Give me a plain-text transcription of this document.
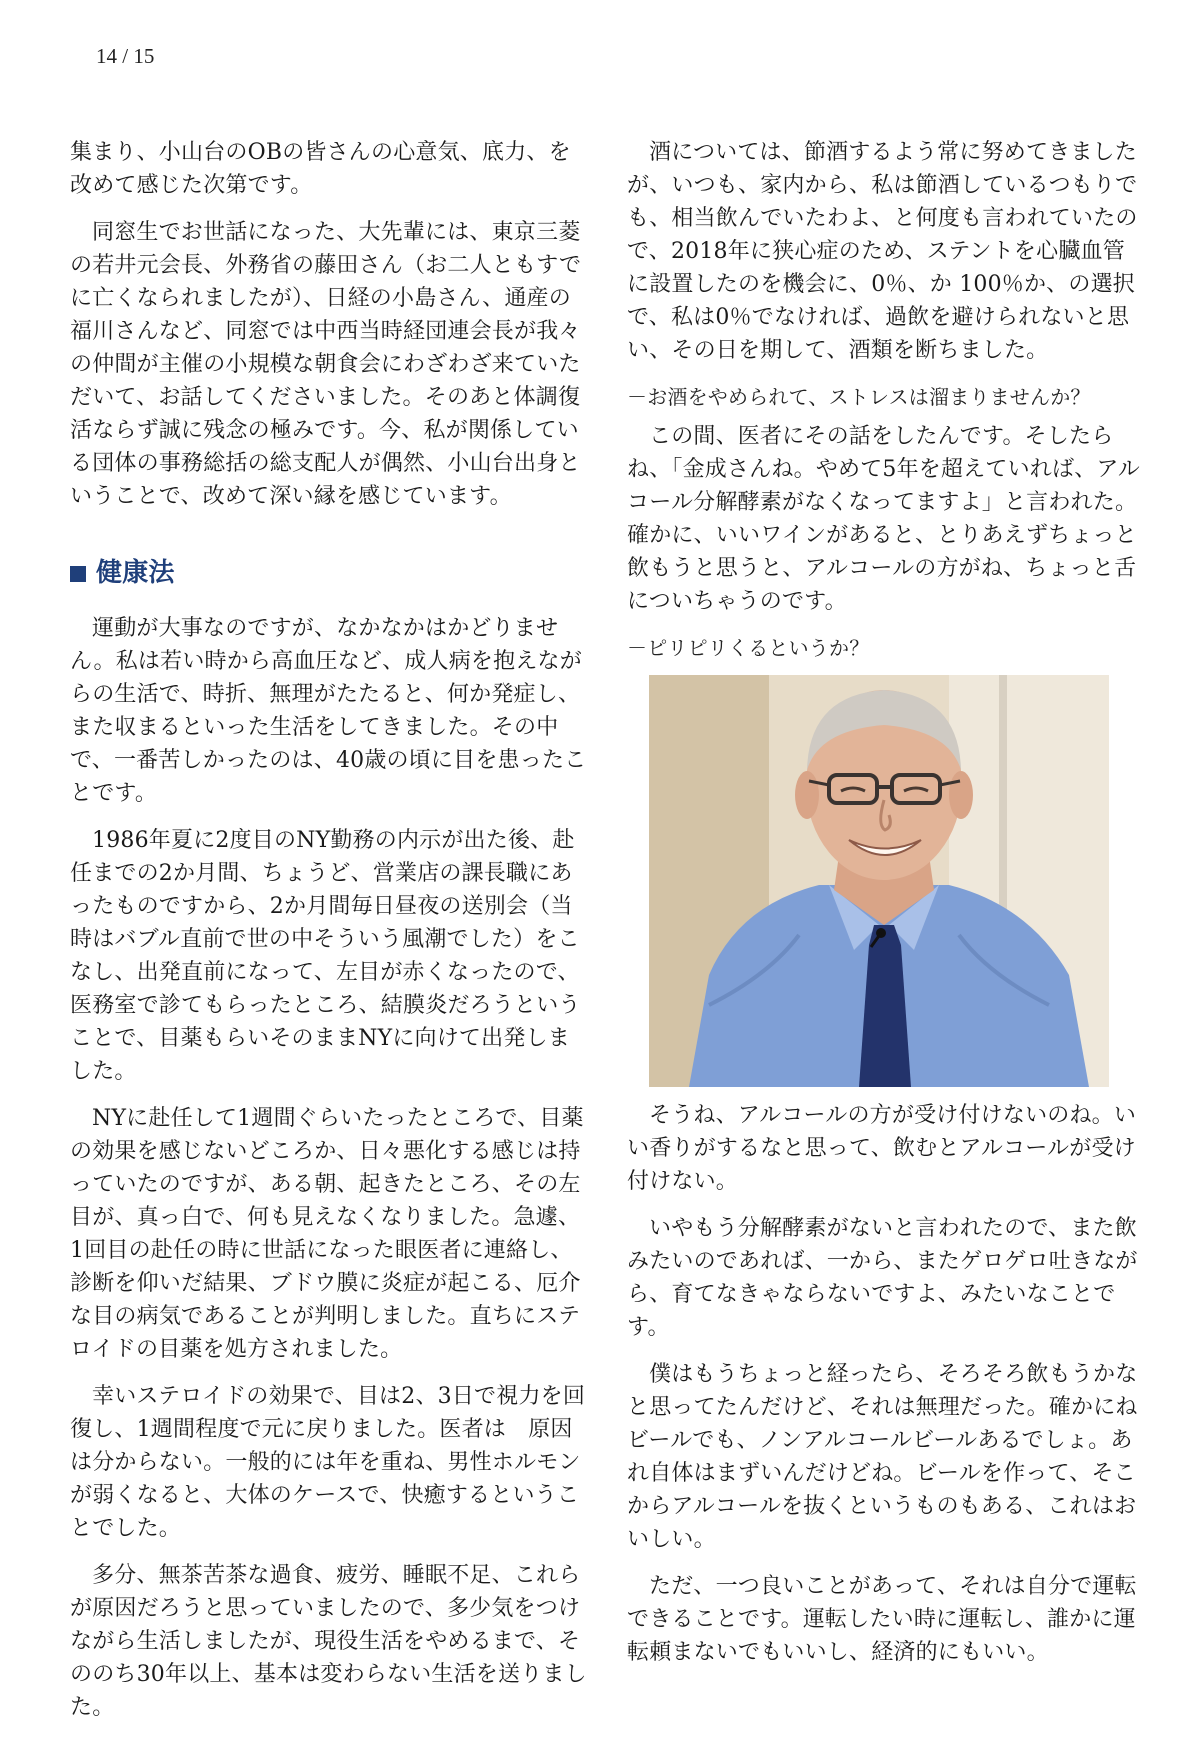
14 / 15

集まり、小山台のOBの皆さんの心意気、底力、を改めて感じた次第です。

同窓生でお世話になった、大先輩には、東京三菱の若井元会長、外務省の藤田さん（お二人ともすでに亡くなられましたが）、日経の小島さん、通産の福川さんなど、同窓では中西当時経団連会長が我々の仲間が主催の小規模な朝食会にわざわざ来ていただいて、お話してくださいました。そのあと体調復活ならず誠に残念の極みです。今、私が関係している団体の事務総括の総支配人が偶然、小山台出身ということで、改めて深い縁を感じています。

健康法

運動が大事なのですが、なかなかはかどりません。私は若い時から高血圧など、成人病を抱えながらの生活で、時折、無理がたたると、何か発症し、また収まるといった生活をしてきました。その中で、一番苦しかったのは、40歳の頃に目を患ったことです。

1986年夏に2度目のNY勤務の内示が出た後、赴任までの2か月間、ちょうど、営業店の課長職にあったものですから、2か月間毎日昼夜の送別会（当時はバブル直前で世の中そういう風潮でした）をこなし、出発直前になって、左目が赤くなったので、医務室で診てもらったところ、結膜炎だろうということで、目薬もらいそのままNYに向けて出発しました。

NYに赴任して1週間ぐらいたったところで、目薬の効果を感じないどころか、日々悪化する感じは持っていたのですが、ある朝、起きたところ、その左目が、真っ白で、何も見えなくなりました。急遽、1回目の赴任の時に世話になった眼医者に連絡し、診断を仰いだ結果、ブドウ膜に炎症が起こる、厄介な目の病気であることが判明しました。直ちにステロイドの目薬を処方されました。

幸いステロイドの効果で、目は2、3日で視力を回復し、1週間程度で元に戻りました。医者は　原因は分からない。一般的には年を重ね、男性ホルモンが弱くなると、大体のケースで、快癒するということでした。

多分、無茶苦茶な過食、疲労、睡眠不足、これらが原因だろうと思っていましたので、多少気をつけながら生活しましたが、現役生活をやめるまで、そののち30年以上、基本は変わらない生活を送りました。

酒については、節酒するよう常に努めてきましたが、いつも、家内から、私は節酒しているつもりでも、相当飲んでいたわよ、と何度も言われていたので、2018年に狭心症のため、ステントを心臓血管に設置したのを機会に、0％、か 100％か、の選択で、私は0％でなければ、過飲を避けられないと思い、その日を期して、酒類を断ちました。

－お酒をやめられて、ストレスは溜まりませんか？

この間、医者にその話をしたんです。そしたらね、「金成さんね。やめて5年を超えていれば、アルコール分解酵素がなくなってますよ」と言われた。確かに、いいワインがあると、とりあえずちょっと飲もうと思うと、アルコールの方がね、ちょっと舌についちゃうのです。

－ピリピリくるというか？

そうね、アルコールの方が受け付けないのね。いい香りがするなと思って、飲むとアルコールが受け付けない。

いやもう分解酵素がないと言われたので、また飲みたいのであれば、一から、またゲロゲロ吐きながら、育てなきゃならないですよ、みたいなことです。

僕はもうちょっと経ったら、そろそろ飲もうかなと思ってたんだけど、それは無理だった。確かにねビールでも、ノンアルコールビールあるでしょ。あれ自体はまずいんだけどね。ビールを作って、そこからアルコールを抜くというものもある、これはおいしい。

ただ、一つ良いことがあって、それは自分で運転できることです。運転したい時に運転し、誰かに運転頼まないでもいいし、経済的にもいい。
